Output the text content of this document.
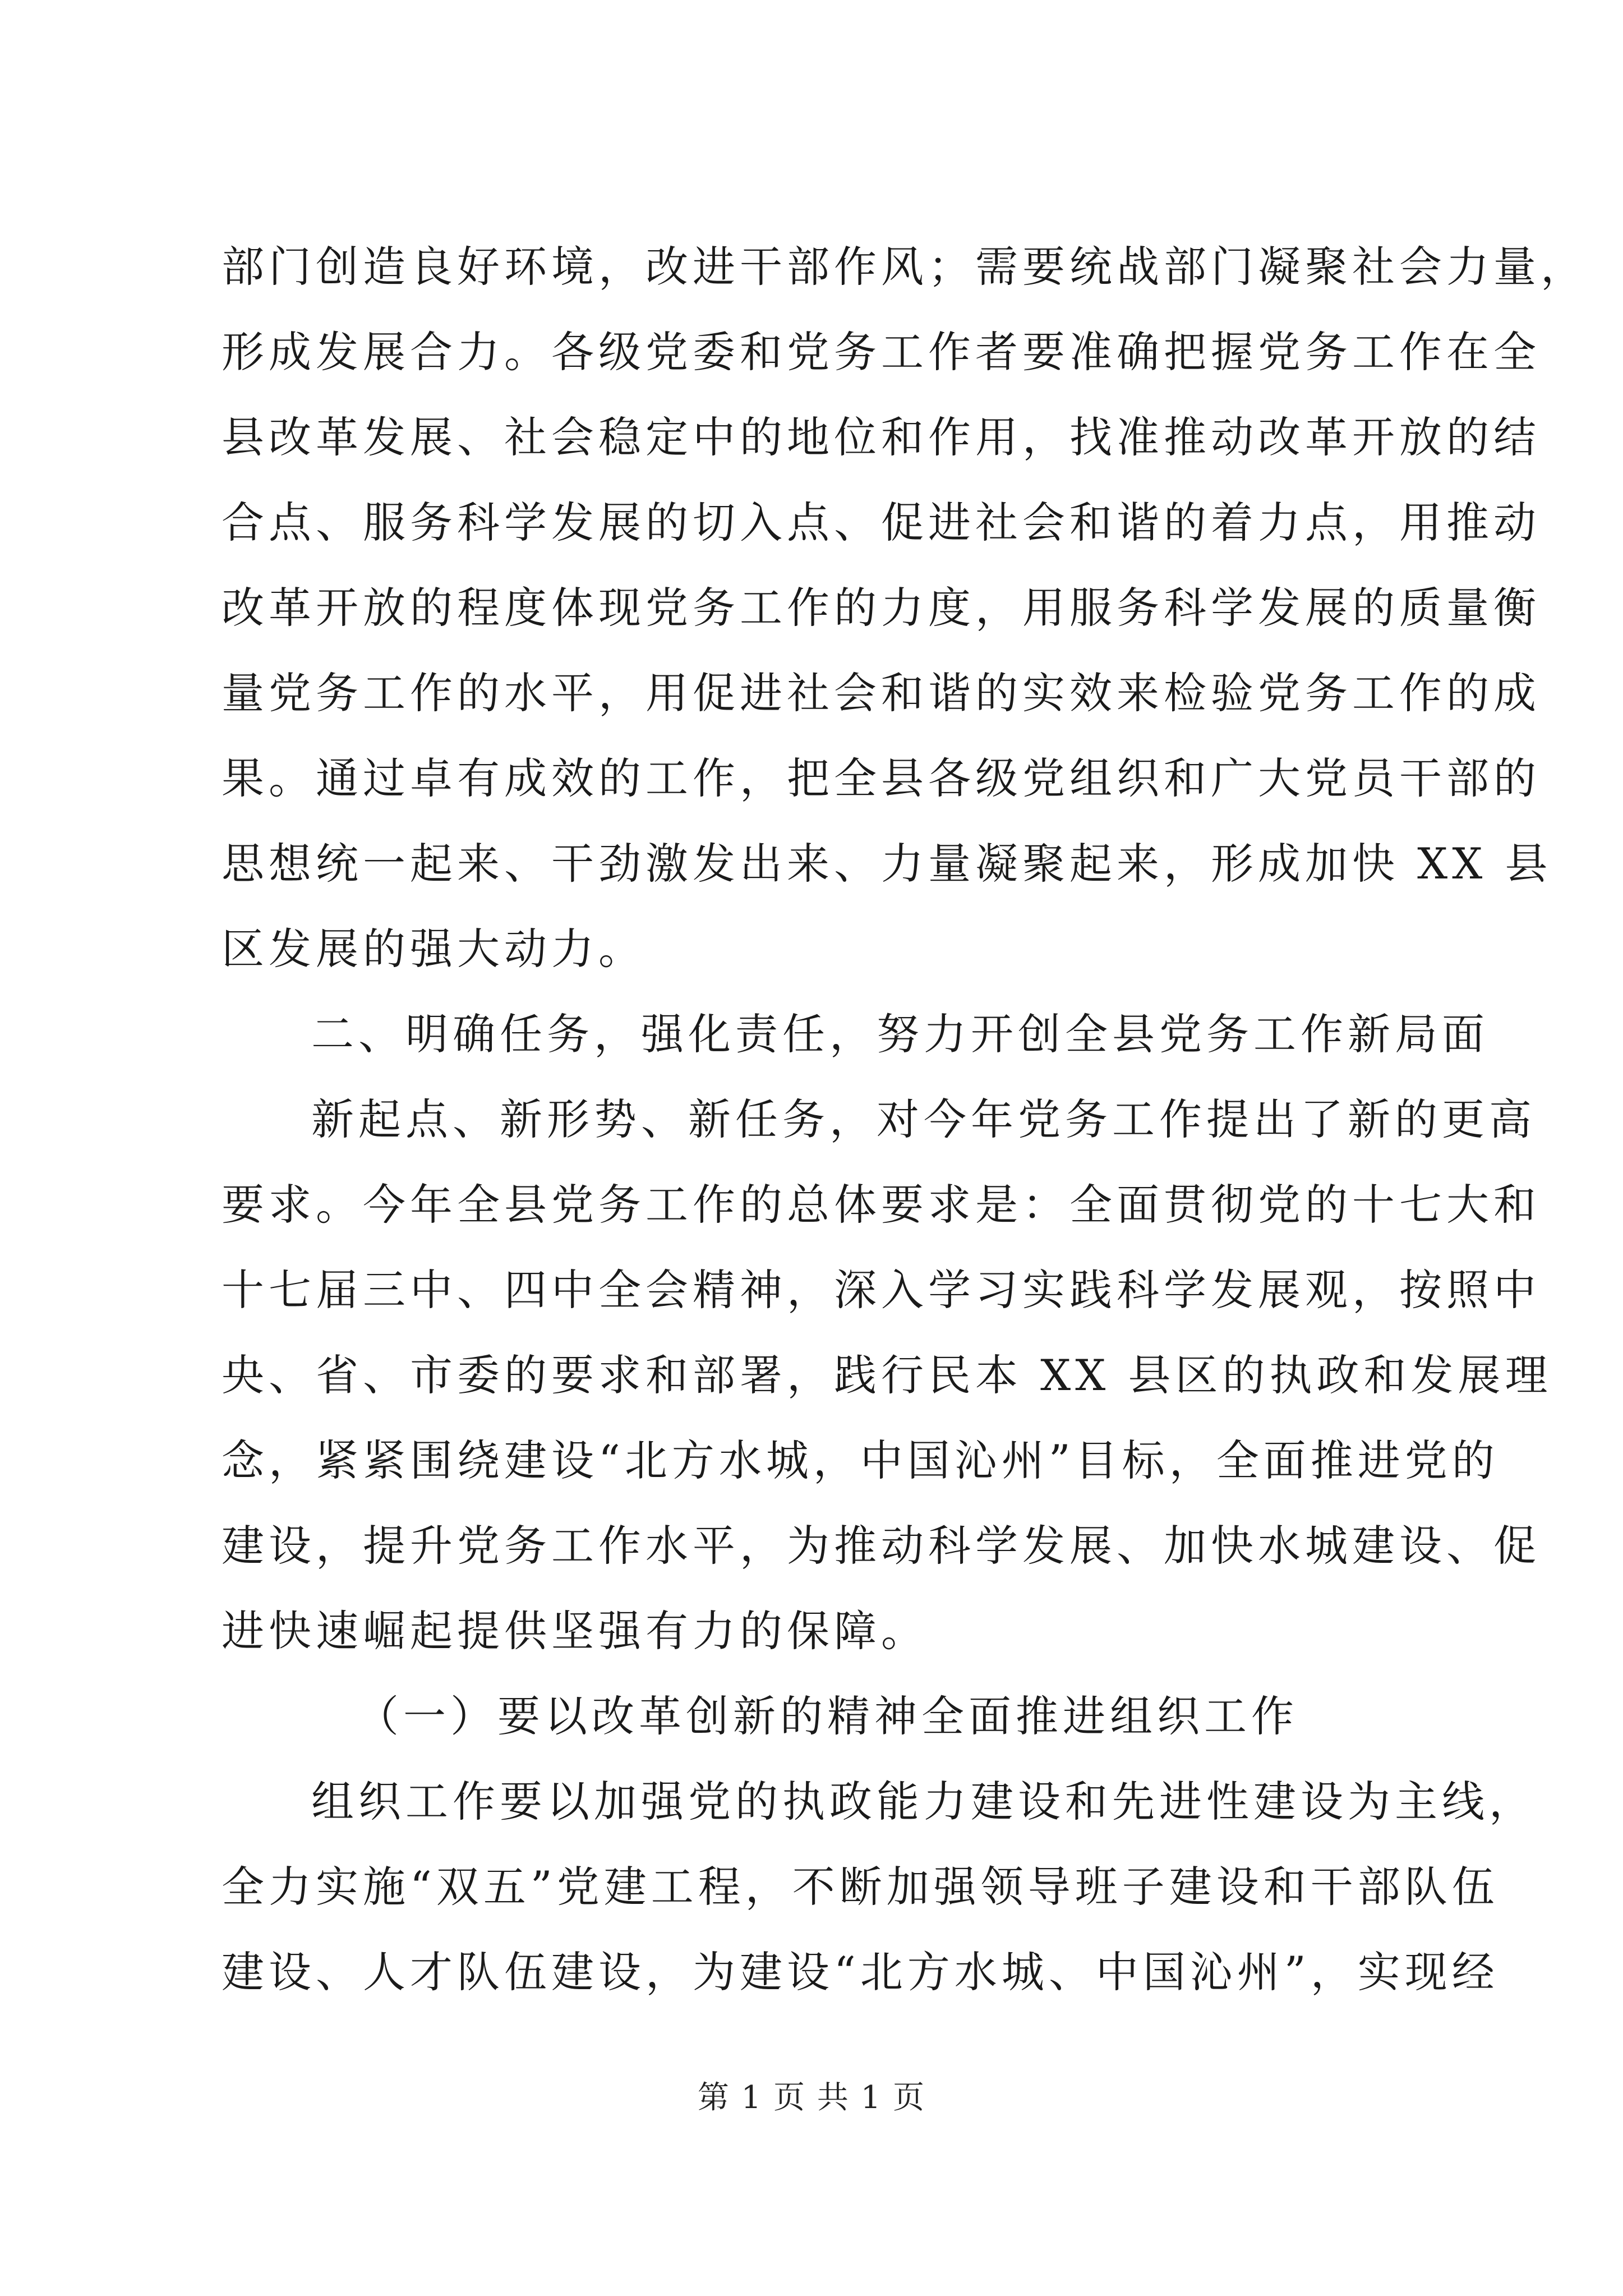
部门创造良好环境，改进干部作风；需要统战部门凝聚社会力量，
形成发展合力。各级党委和党务工作者要准确把握党务工作在全
县改革发展、社会稳定中的地位和作用，找准推动改革开放的结
合点、服务科学发展的切入点、促进社会和谐的着力点，用推动
改革开放的程度体现党务工作的力度，用服务科学发展的质量衡
量党务工作的水平，用促进社会和谐的实效来检验党务工作的成
果。通过卓有成效的工作，把全县各级党组织和广大党员干部的
思想统一起来、干劲激发出来、力量凝聚起来，形成加快 XX 县
区发展的强大动力。
二、明确任务，强化责任，努力开创全县党务工作新局面
新起点、新形势、新任务，对今年党务工作提出了新的更高
要求。今年全县党务工作的总体要求是：全面贯彻党的十七大和
十七届三中、四中全会精神，深入学习实践科学发展观，按照中
央、省、市委的要求和部署，践行民本 XX 县区的执政和发展理
念，紧紧围绕建设“北方水城，中国沁州”目标，全面推进党的
建设，提升党务工作水平，为推动科学发展、加快水城建设、促
进快速崛起提供坚强有力的保障。
（一）要以改革创新的精神全面推进组织工作
组织工作要以加强党的执政能力建设和先进性建设为主线，
全力实施“双五”党建工程，不断加强领导班子建设和干部队伍
建设、人才队伍建设，为建设“北方水城、中国沁州”，实现经
第 1 页 共 1 页
